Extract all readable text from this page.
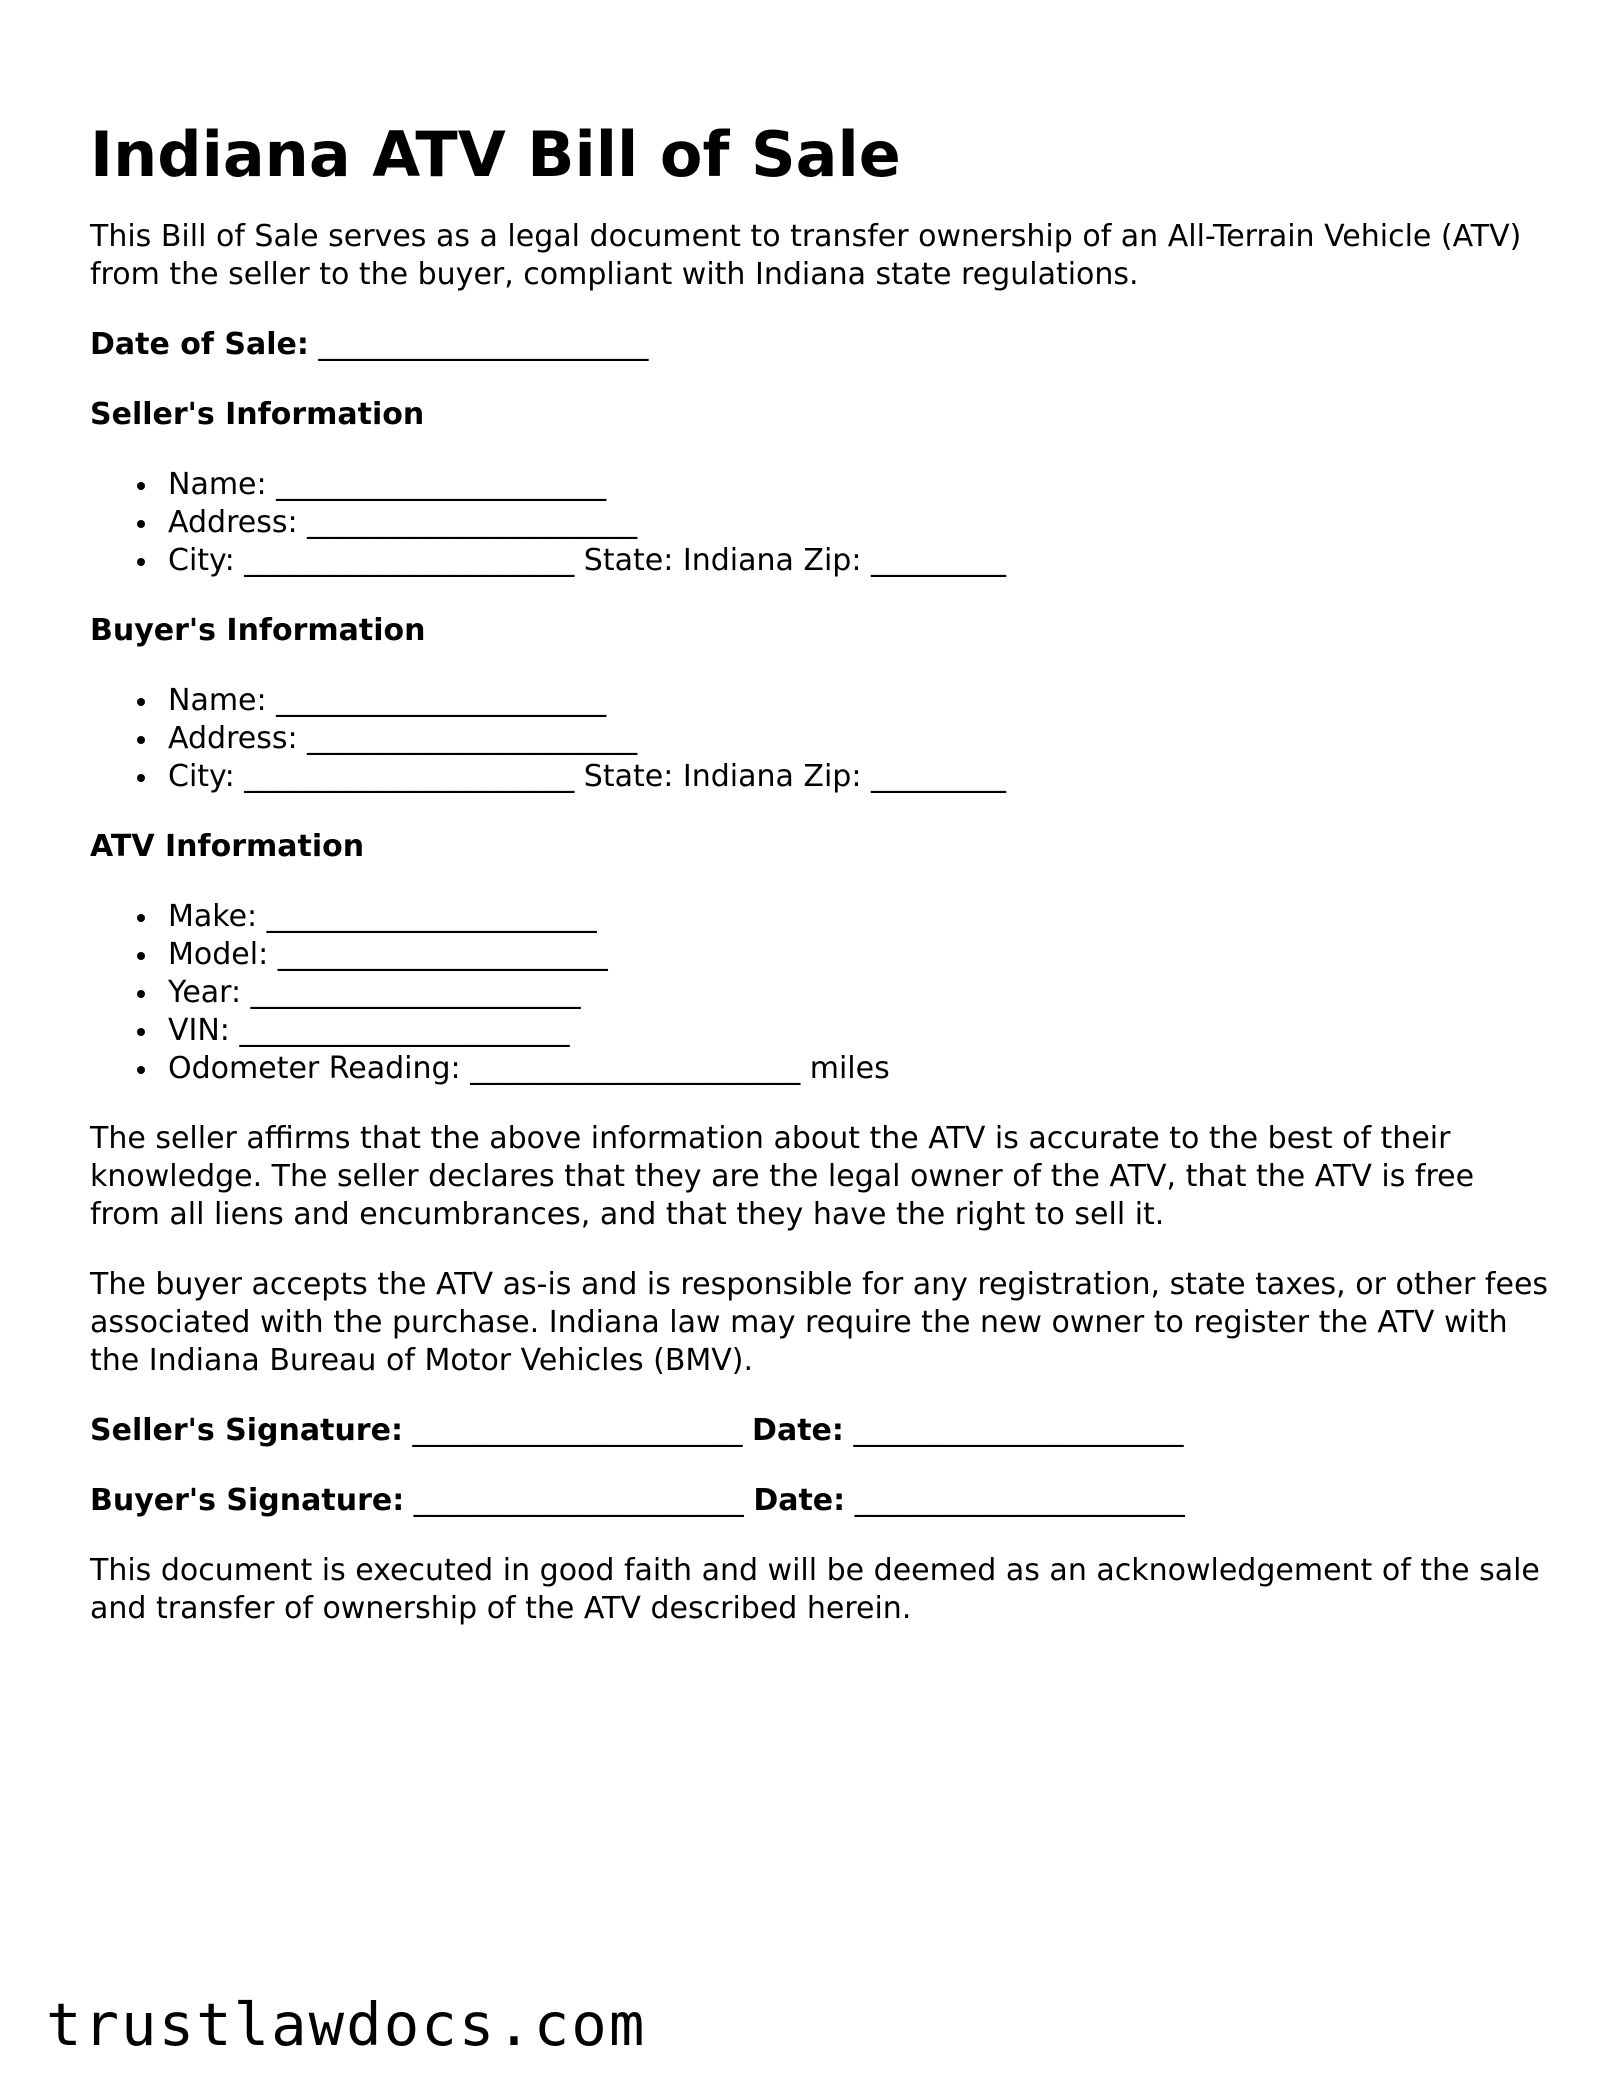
Indiana ATV Bill of Sale

This Bill of Sale serves as a legal document to transfer ownership of an All-Terrain Vehicle (ATV) from the seller to the buyer, compliant with Indiana state regulations.

Date of Sale: ______________________
Seller's Information
Name: ______________________
Address: ______________________
City: ______________________ State: Indiana Zip: _________
Buyer's Information
Name: ______________________
Address: ______________________
City: ______________________ State: Indiana Zip: _________
ATV Information
Make: ______________________
Model: ______________________
Year: ______________________
VIN: ______________________
Odometer Reading: ______________________ miles

The seller affirms that the above information about the ATV is accurate to the best of their knowledge. The seller declares that they are the legal owner of the ATV, that the ATV is free from all liens and encumbrances, and that they have the right to sell it.

The buyer accepts the ATV as-is and is responsible for any registration, state taxes, or other fees associated with the purchase. Indiana law may require the new owner to register the ATV with the Indiana Bureau of Motor Vehicles (BMV).

Seller's Signature: ______________________ Date: ______________________
Buyer's Signature: ______________________ Date: ______________________

This document is executed in good faith and will be deemed as an acknowledgement of the sale and transfer of ownership of the ATV described herein.

trustlawdocs.com
